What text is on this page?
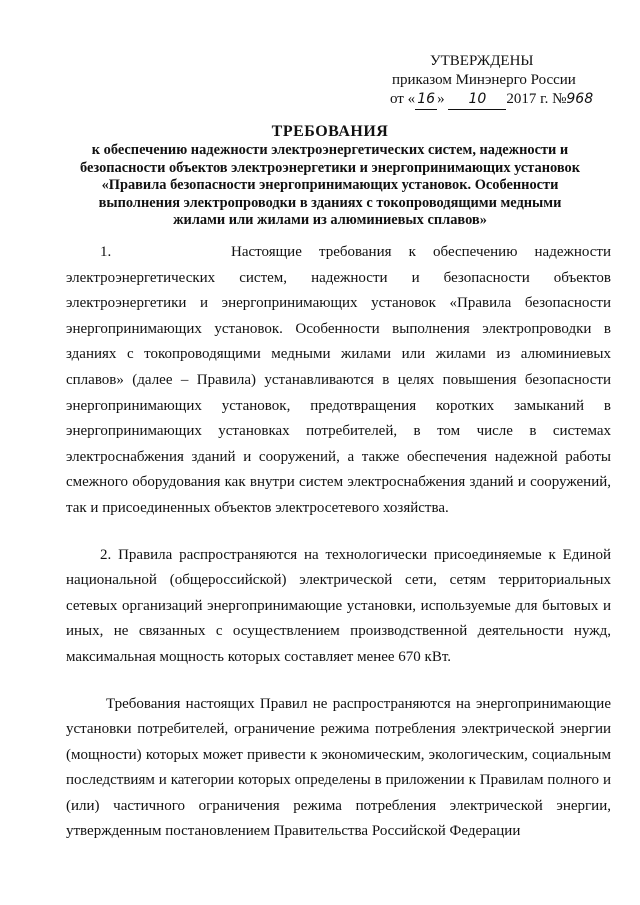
УТВЕРЖДЕНЫ
приказом Минэнерго России
от « 16 » 10 2017 г. №968
ТРЕБОВАНИЯ
к обеспечению надежности электроэнергетических систем, надежности и
безопасности объектов электроэнергетики и энергопринимающих установок
«Правила безопасности энергопринимающих установок. Особенности
выполнения электропроводки в зданиях с токопроводящими медными
жилами или жилами из алюминиевых сплавов»

1.       Настоящие требования к обеспечению надежности электроэнергетических систем, надежности и безопасности объектов электроэнергетики и энергопринимающих установок «Правила безопасности энергопринимающих установок. Особенности выполнения электропроводки в зданиях с токопроводящими медными жилами или жилами из алюминиевых сплавов» (далее – Правила) устанавливаются в целях повышения безопасности энергопринимающих установок, предотвращения коротких замыканий в энергопринимающих установках потребителей, в том числе в системах электроснабжения зданий и сооружений, а также обеспечения надежной работы смежного оборудования как внутри систем электроснабжения зданий и сооружений, так и присоединенных объектов электросетевого хозяйства.

2. Правила распространяются на технологически присоединяемые к Единой национальной (общероссийской) электрической сети, сетям территориальных сетевых организаций энергопринимающие установки, используемые для бытовых и иных, не связанных с осуществлением производственной деятельности нужд, максимальная мощность которых составляет менее 670 кВт.

Требования настоящих Правил не распространяются на энергопринимающие установки потребителей, ограничение режима потребления электрической энергии (мощности) которых может привести к экономическим, экологическим, социальным последствиям и категории которых определены в приложении к Правилам полного и (или) частичного ограничения режима потребления электрической энергии, утвержденным постановлением Правительства Российской Федерации
